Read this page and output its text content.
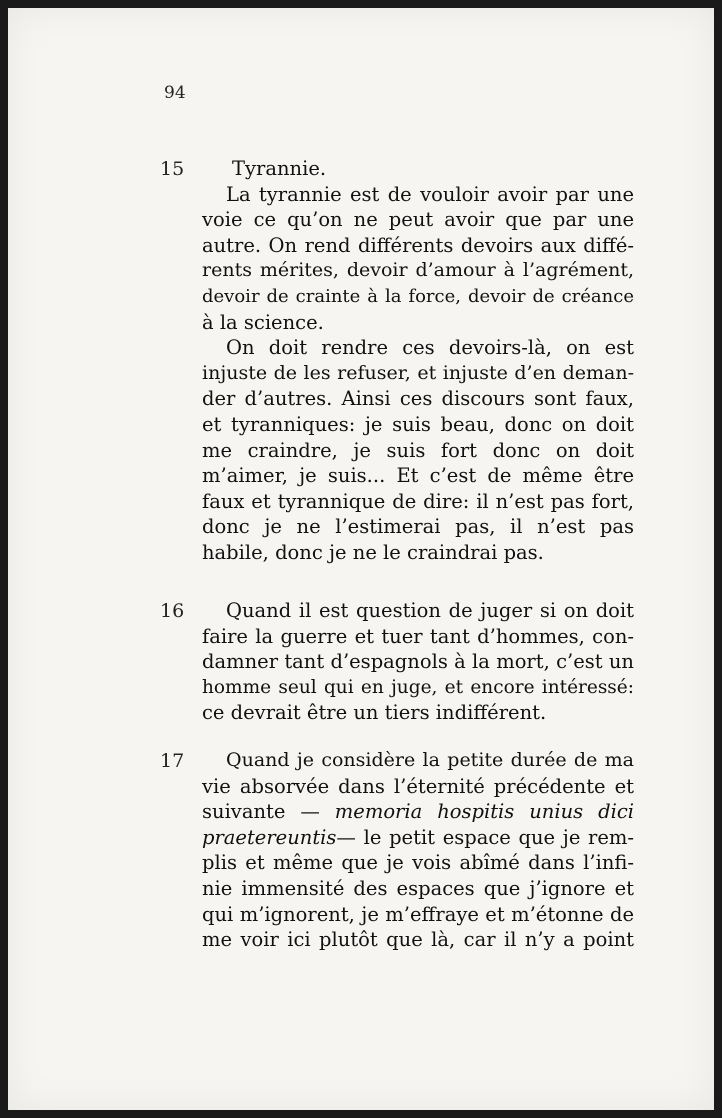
94
15	Tyrannie.
La tyrannie est de vouloir avoir par une
voie ce qu’on ne peut avoir que par une
autre. On rend différents devoirs aux diffé-
rents mérites, devoir d’amour à l’agrément,
devoir de crainte à la force, devoir de créance
à la science.
On doit rendre ces devoirs-là, on est
injuste de les refuser, et injuste d’en deman-
der d’autres. Ainsi ces discours sont faux,
et tyranniques: je suis beau, donc on doit
me craindre, je suis fort donc on doit
m’aimer, je suis... Et c’est de même être
faux et tyrannique de dire: il n’est pas fort,
donc je ne l’estimerai pas, il n’est pas
habile, donc je ne le craindrai pas.
16	Quand il est question de juger si on doit
faire la guerre et tuer tant d’hommes, con-
damner tant d’espagnols à la mort, c’est un
homme seul qui en juge, et encore intéressé:
ce devrait être un tiers indifférent.
17	Quand je considère la petite durée de ma
vie absorvée dans l’éternité précédente et
suivante — memoria hospitis unius dici
praetereuntis— le petit espace que je rem-
plis et même que je vois abîmé dans l’infi-
nie immensité des espaces que j’ignore et
qui m’ignorent, je m’effraye et m’étonne de
me voir ici plutôt que là, car il n’y a point
